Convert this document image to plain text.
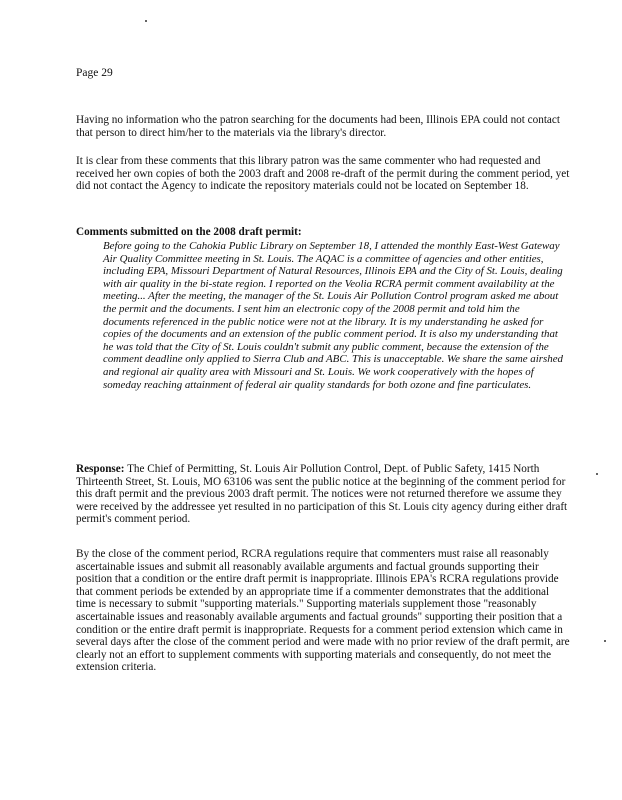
Page 29

Having no information who the patron searching for the documents had been, Illinois EPA could not contact that person to direct him/her to the materials via the library's director.

It is clear from these comments that this library patron was the same commenter who had requested and received her own copies of both the 2003 draft and 2008 re-draft of the permit during the comment period, yet did not contact the Agency to indicate the repository materials could not be located on September 18.

Comments submitted on the 2008 draft permit:

Before going to the Cahokia Public Library on September 18, I attended the monthly East-West Gateway Air Quality Committee meeting in St. Louis. The AQAC is a committee of agencies and other entities, including EPA, Missouri Department of Natural Resources, Illinois EPA and the City of St. Louis, dealing with air quality in the bi-state region. I reported on the Veolia RCRA permit comment availability at the meeting... After the meeting, the manager of the St. Louis Air Pollution Control program asked me about the permit and the documents. I sent him an electronic copy of the 2008 permit and told him the documents referenced in the public notice were not at the library. It is my understanding he asked for copies of the documents and an extension of the public comment period. It is also my understanding that he was told that the City of St. Louis couldn't submit any public comment, because the extension of the comment deadline only applied to Sierra Club and ABC. This is unacceptable. We share the same airshed and regional air quality area with Missouri and St. Louis. We work cooperatively with the hopes of someday reaching attainment of federal air quality standards for both ozone and fine particulates.

Response: The Chief of Permitting, St. Louis Air Pollution Control, Dept. of Public Safety, 1415 North Thirteenth Street, St. Louis, MO 63106 was sent the public notice at the beginning of the comment period for this draft permit and the previous 2003 draft permit. The notices were not returned therefore we assume they were received by the addressee yet resulted in no participation of this St. Louis city agency during either draft permit's comment period.

By the close of the comment period, RCRA regulations require that commenters must raise all reasonably ascertainable issues and submit all reasonably available arguments and factual grounds supporting their position that a condition or the entire draft permit is inappropriate. Illinois EPA's RCRA regulations provide that comment periods be extended by an appropriate time if a commenter demonstrates that the additional time is necessary to submit "supporting materials." Supporting materials supplement those "reasonably ascertainable issues and reasonably available arguments and factual grounds" supporting their position that a condition or the entire draft permit is inappropriate. Requests for a comment period extension which came in several days after the close of the comment period and were made with no prior review of the draft permit, are clearly not an effort to supplement comments with supporting materials and consequently, do not meet the extension criteria.
